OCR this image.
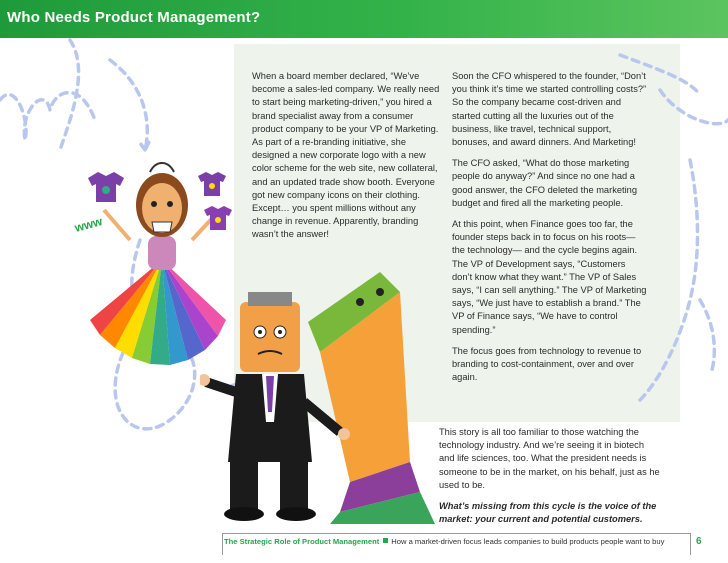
Who Needs Product Management?
www

When a board member declared, “We’ve become a sales-led company. We really need to start being marketing-driven,” you hired a brand specialist away from a consumer product company to be your VP of Marketing. As part of a re-branding initiative, she designed a new corporate logo with a new color scheme for the web site, new collateral, and an updated trade show booth. Everyone got new company icons on their clothing. Except… you spent millions without any change in revenue. Apparently, branding wasn’t the answer!

Soon the CFO whispered to the founder, “Don’t you think it’s time we started controlling costs?” So the company became cost-driven and started cutting all the luxuries out of the business, like travel, technical support, bonuses, and award dinners. And Marketing!

The CFO asked, “What do those marketing people do anyway?” And since no one had a good answer, the CFO deleted the marketing budget and fired all the marketing people.

At this point, when Finance goes too far, the founder steps back in to focus on his roots—the technology— and the cycle begins again. The VP of Development says, “Customers don’t know what they want.” The VP of Sales says, “I can sell anything.” The VP of Marketing says, “We just have to establish a brand.” The VP of Finance says, “We have to control spending.”

The focus goes from technology to revenue to branding to cost-containment, over and over again.

This story is all too familiar to those watching the technology industry. And we’re seeing it in biotech and life sciences, too. What the president needs is someone to be in the market, on his behalf, just as he used to be.

What’s missing from this cycle is the voice of the market: your current and potential customers.

The Strategic Role of Product Management How a market-driven focus leads companies to build products people want to buy	6
